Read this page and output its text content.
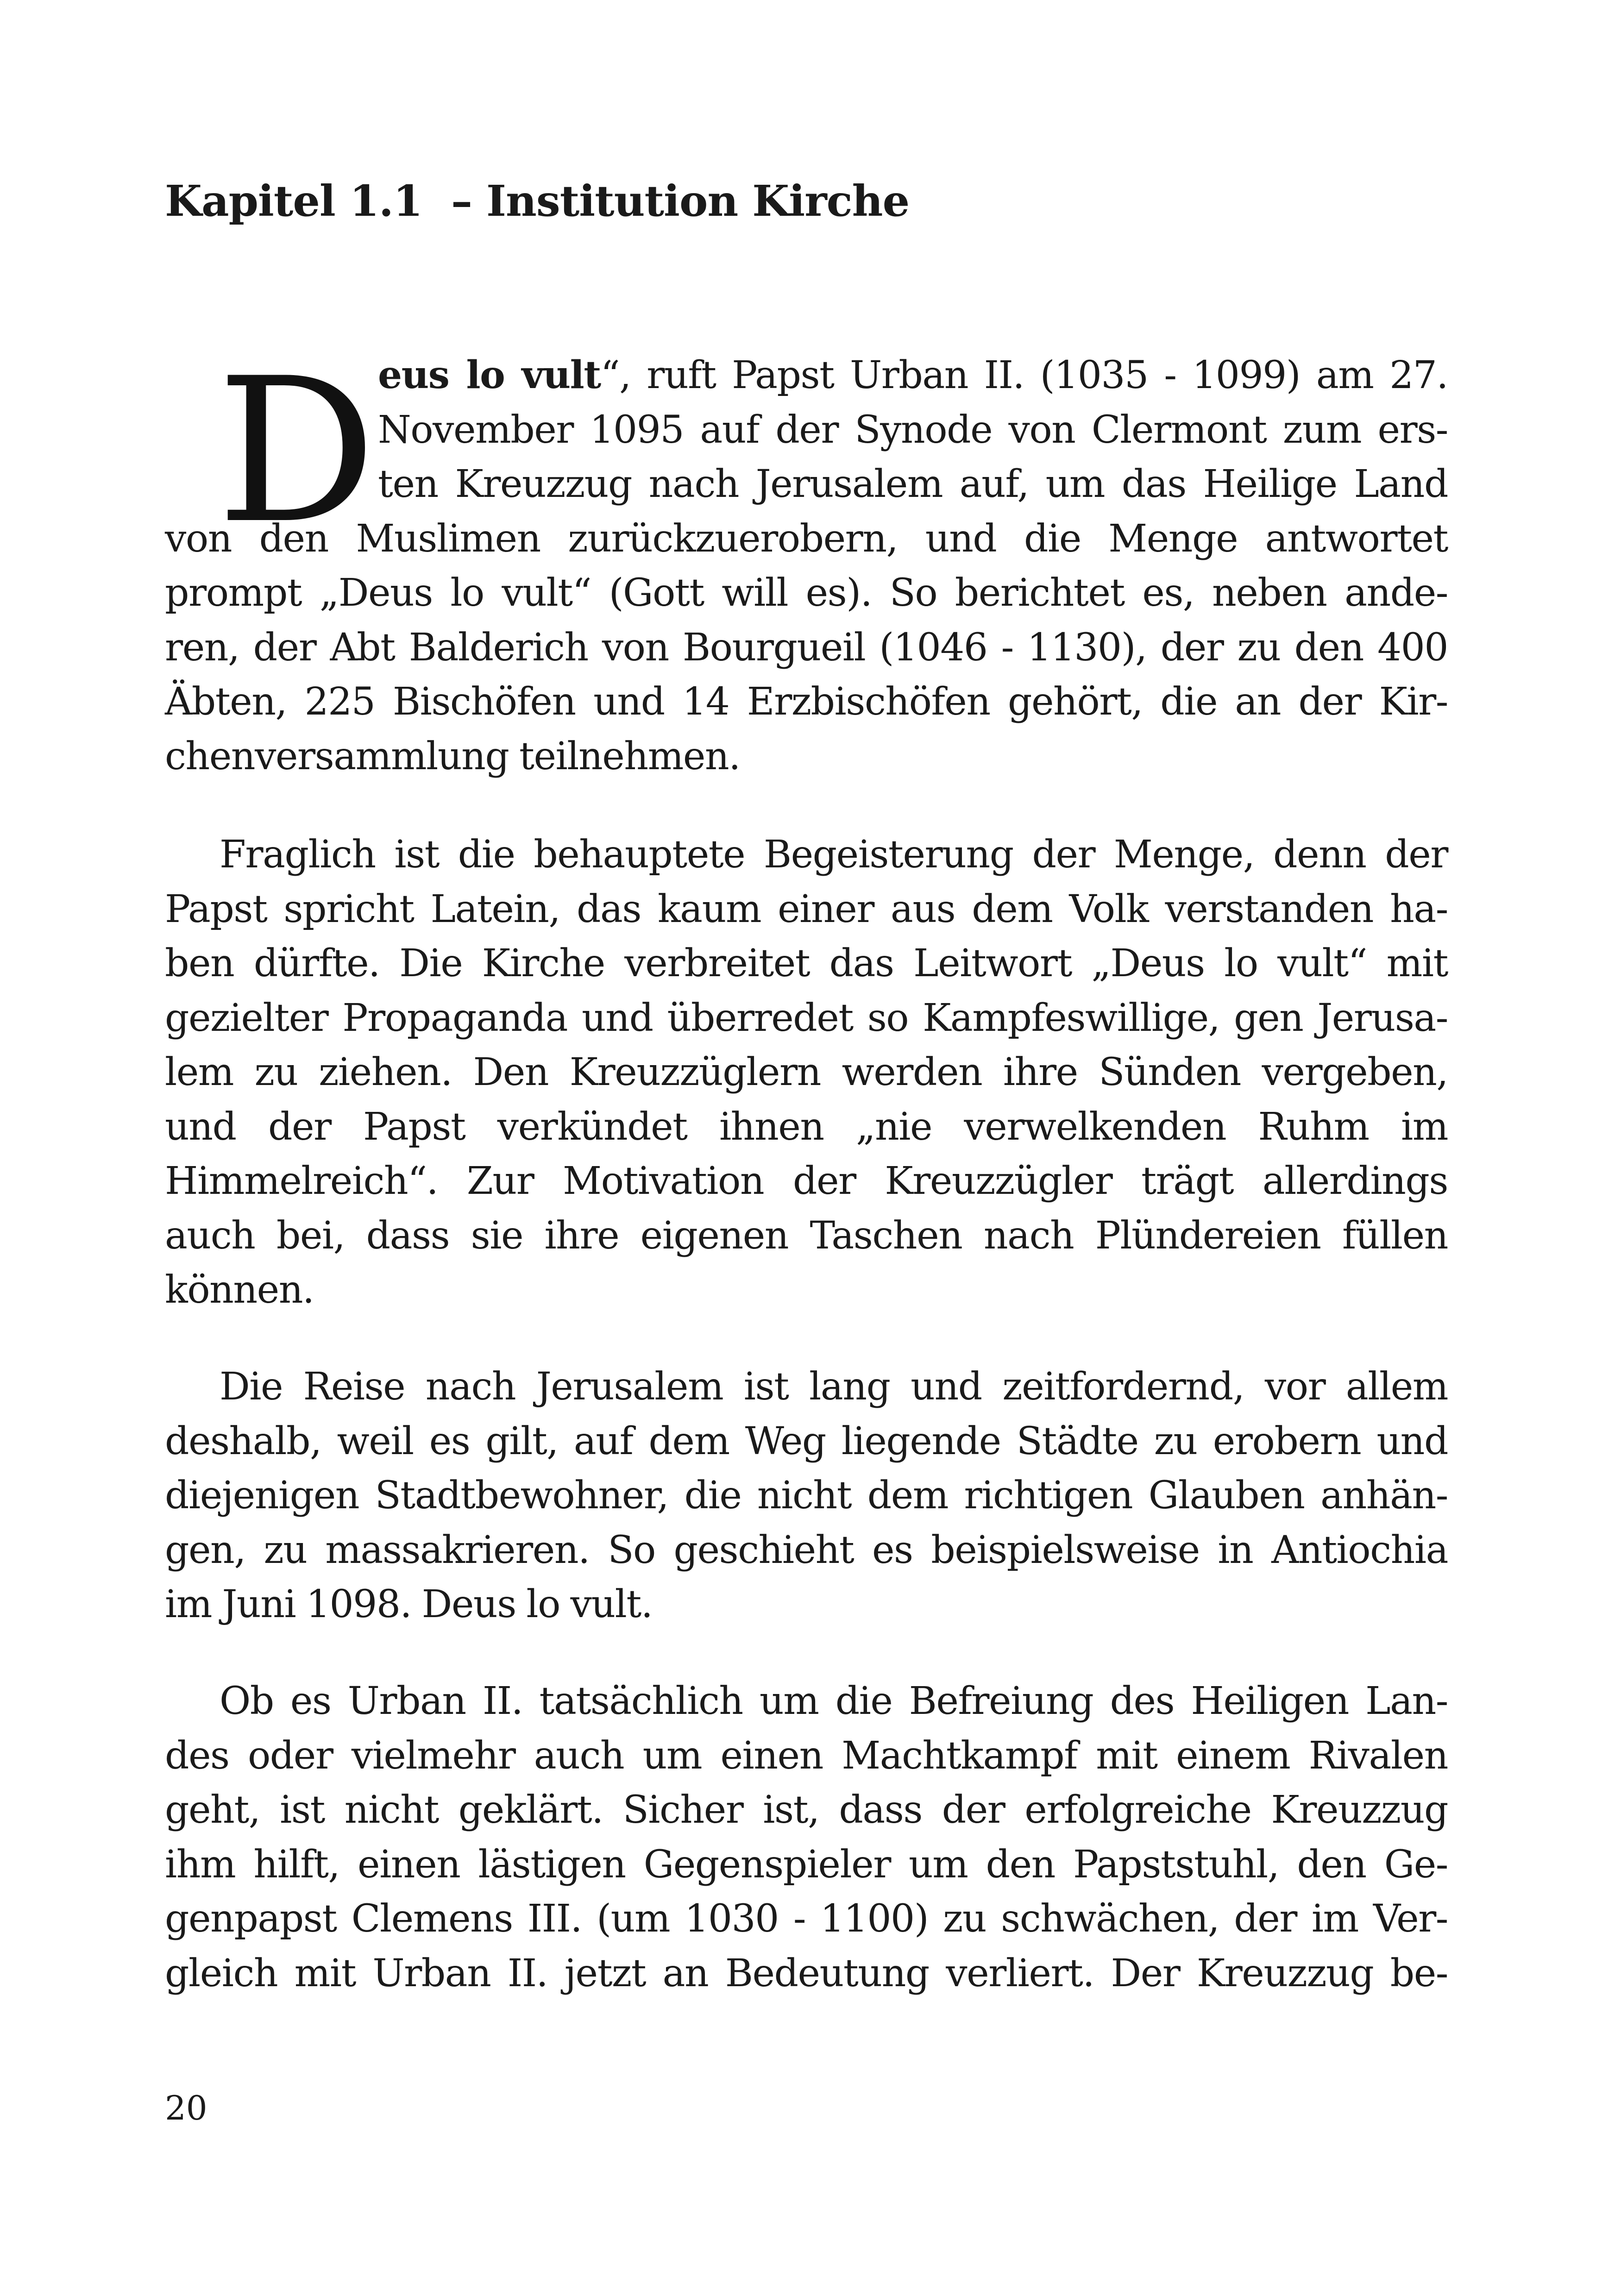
Kapitel 1.1  – Institution Kirche
D eus lo vult“, ruft Papst Urban II. (1035 - 1099) am 27.
November 1095 auf der Synode von Clermont zum ers-
ten Kreuzzug nach Jerusalem auf, um das Heilige Land
von den Muslimen zurückzuerobern, und die Menge antwortet
prompt „Deus lo vult“ (Gott will es). So berichtet es, neben ande-
ren, der Abt Balderich von Bourgueil (1046 - 1130), der zu den 400
Äbten, 225 Bischöfen und 14 Erzbischöfen gehört, die an der Kir-
chenversammlung teilnehmen.
Fraglich ist die behauptete Begeisterung der Menge, denn der
Papst spricht Latein, das kaum einer aus dem Volk verstanden ha-
ben dürfte. Die Kirche verbreitet das Leitwort „Deus lo vult“ mit
gezielter Propaganda und überredet so Kampfeswillige, gen Jerusa-
lem zu ziehen. Den Kreuzzüglern werden ihre Sünden vergeben,
und der Papst verkündet ihnen „nie verwelkenden Ruhm im
Himmelreich“. Zur Motivation der Kreuzzügler trägt allerdings
auch bei, dass sie ihre eigenen Taschen nach Plündereien füllen
können.
Die Reise nach Jerusalem ist lang und zeitfordernd, vor allem
deshalb, weil es gilt, auf dem Weg liegende Städte zu erobern und
diejenigen Stadtbewohner, die nicht dem richtigen Glauben anhän-
gen, zu massakrieren. So geschieht es beispielsweise in Antiochia
im Juni 1098. Deus lo vult.
Ob es Urban II. tatsächlich um die Befreiung des Heiligen Lan-
des oder vielmehr auch um einen Machtkampf mit einem Rivalen
geht, ist nicht geklärt. Sicher ist, dass der erfolgreiche Kreuzzug
ihm hilft, einen lästigen Gegenspieler um den Papststuhl, den Ge-
genpapst Clemens III. (um 1030 - 1100) zu schwächen, der im Ver-
gleich mit Urban II. jetzt an Bedeutung verliert. Der Kreuzzug be-
20
